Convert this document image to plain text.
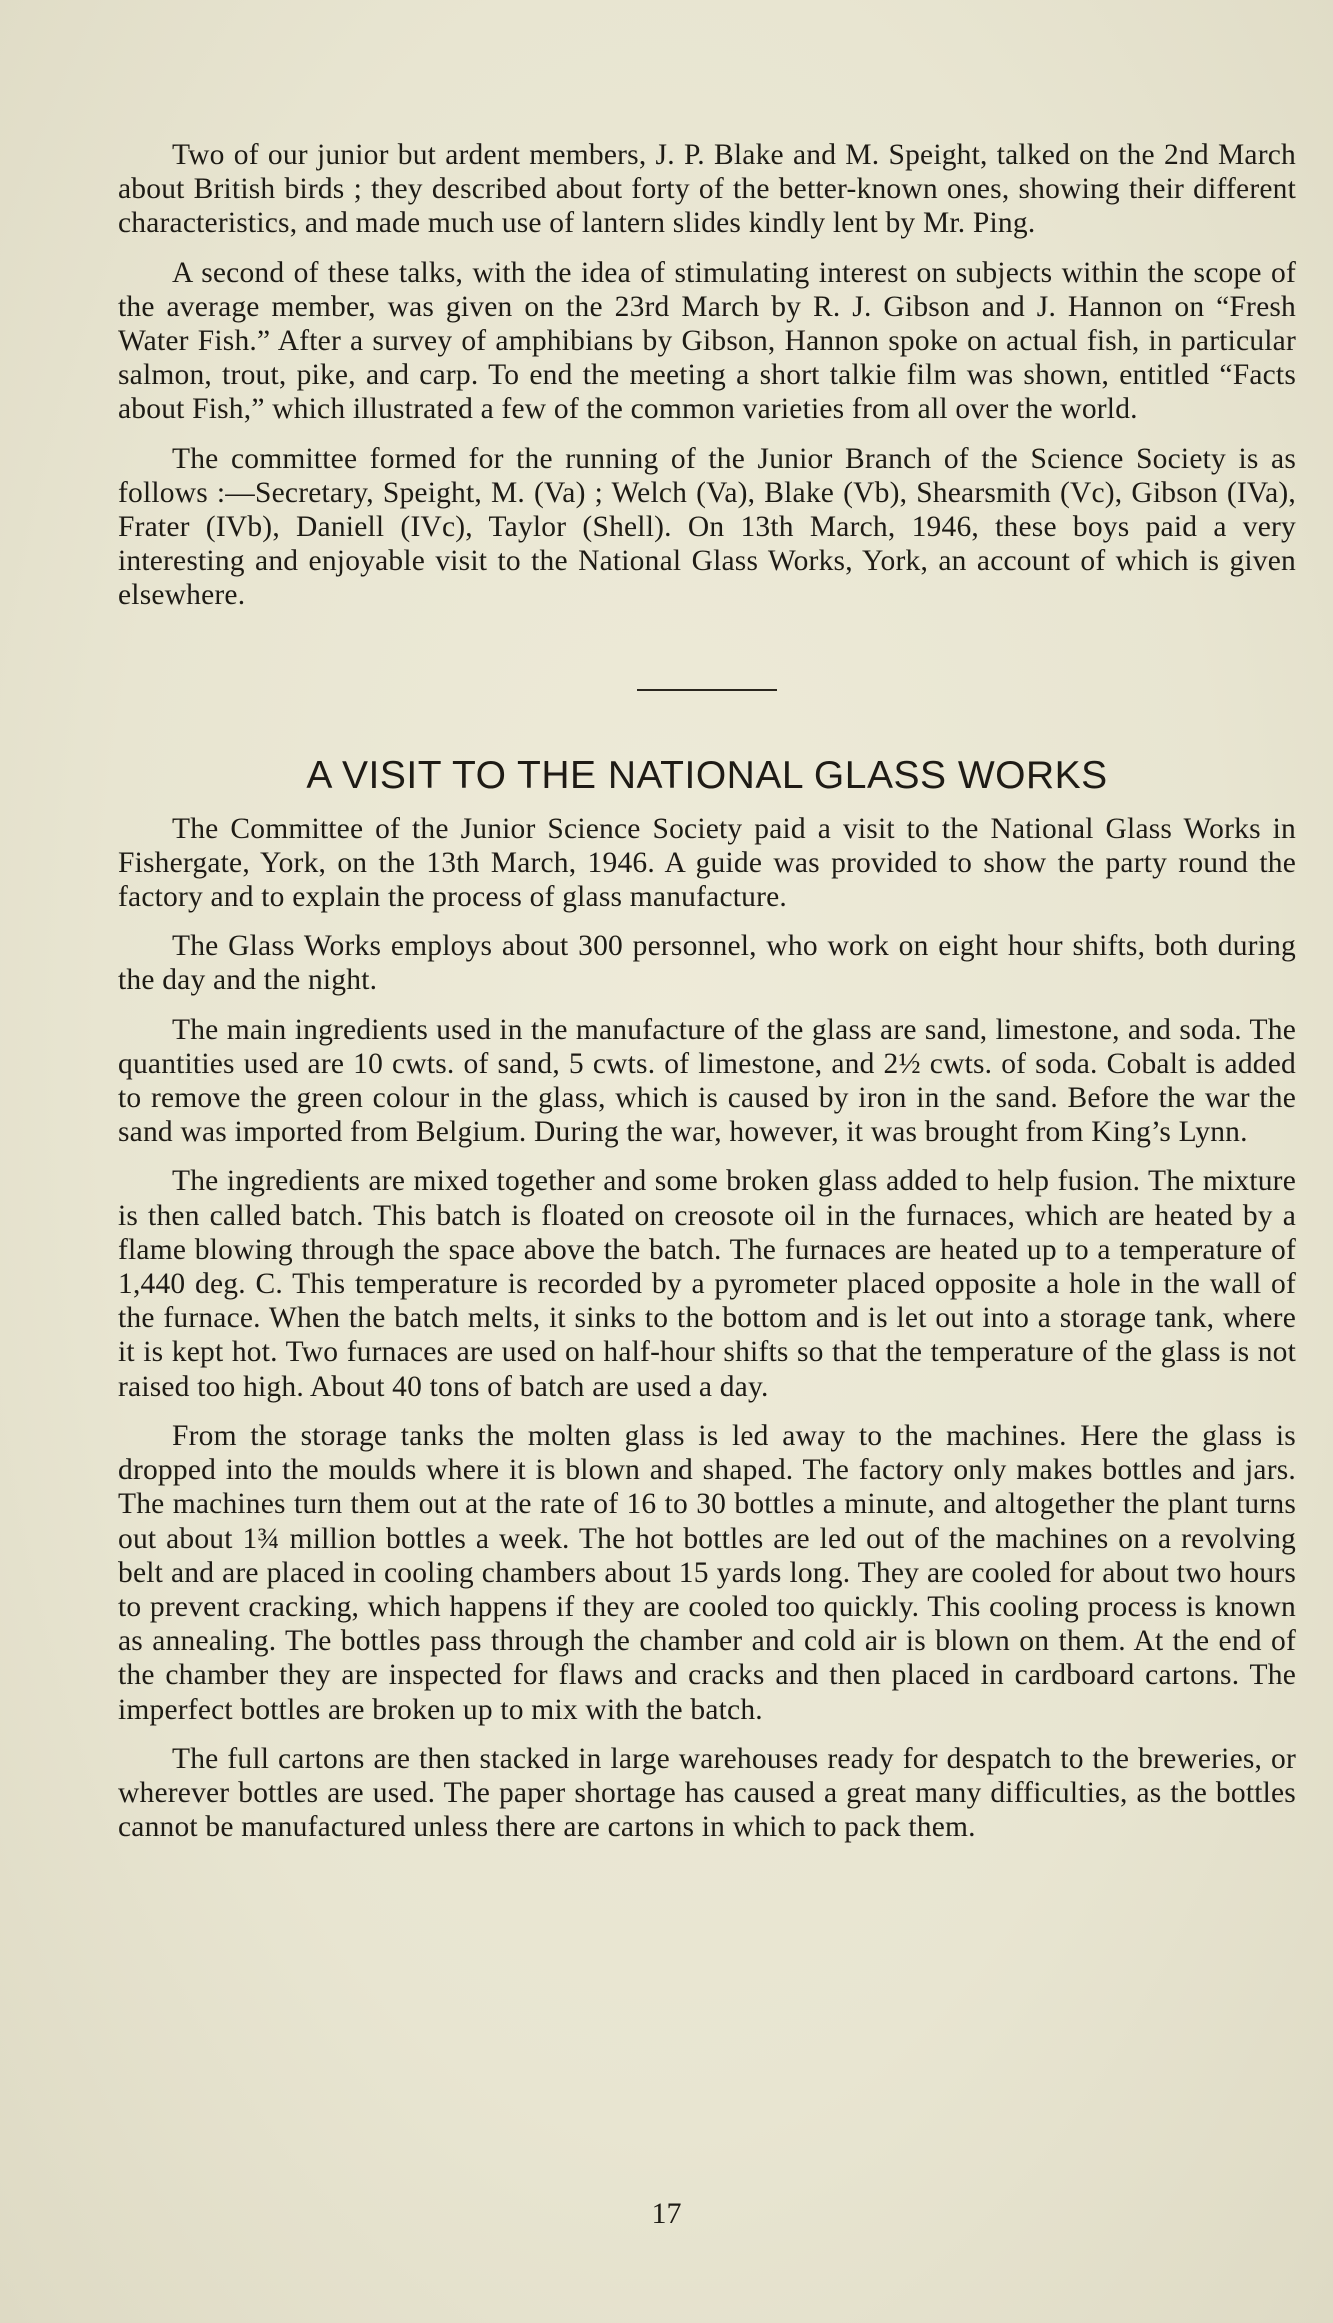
Two of our junior but ardent members, J. P. Blake and M. Speight, talked on the 2nd March about British birds ; they described about forty of the better-known ones, showing their different characteristics, and made much use of lantern slides kindly lent by Mr. Ping.

A second of these talks, with the idea of stimulating interest on subjects within the scope of the average member, was given on the 23rd March by R. J. Gibson and J. Hannon on “Fresh Water Fish.” After a survey of amphibians by Gibson, Hannon spoke on actual fish, in particular salmon, trout, pike, and carp. To end the meeting a short talkie film was shown, entitled “Facts about Fish,” which illustrated a few of the common varieties from all over the world.

The committee formed for the running of the Junior Branch of the Science Society is as follows :—Secretary, Speight, M. (Va) ; Welch (Va), Blake (Vb), Shearsmith (Vc), Gibson (IVa), Frater (IVb), Daniell (IVc), Taylor (Shell). On 13th March, 1946, these boys paid a very interesting and enjoyable visit to the National Glass Works, York, an account of which is given elsewhere.

A VISIT TO THE NATIONAL GLASS WORKS

The Committee of the Junior Science Society paid a visit to the National Glass Works in Fishergate, York, on the 13th March, 1946. A guide was provided to show the party round the factory and to explain the process of glass manufacture.

The Glass Works employs about 300 personnel, who work on eight hour shifts, both during the day and the night.

The main ingredients used in the manufacture of the glass are sand, limestone, and soda. The quantities used are 10 cwts. of sand, 5 cwts. of limestone, and 2½ cwts. of soda. Cobalt is added to remove the green colour in the glass, which is caused by iron in the sand. Before the war the sand was imported from Belgium. During the war, however, it was brought from King’s Lynn.

The ingredients are mixed together and some broken glass added to help fusion. The mixture is then called batch. This batch is floated on creosote oil in the furnaces, which are heated by a flame blowing through the space above the batch. The furnaces are heated up to a temperature of 1,440 deg. C. This temperature is recorded by a pyrometer placed opposite a hole in the wall of the furnace. When the batch melts, it sinks to the bottom and is let out into a storage tank, where it is kept hot. Two furnaces are used on half-hour shifts so that the temperature of the glass is not raised too high. About 40 tons of batch are used a day.

From the storage tanks the molten glass is led away to the machines. Here the glass is dropped into the moulds where it is blown and shaped. The factory only makes bottles and jars. The machines turn them out at the rate of 16 to 30 bottles a minute, and altogether the plant turns out about 1¾ million bottles a week. The hot bottles are led out of the machines on a revolving belt and are placed in cooling chambers about 15 yards long. They are cooled for about two hours to prevent cracking, which happens if they are cooled too quickly. This cooling process is known as annealing. The bottles pass through the chamber and cold air is blown on them. At the end of the chamber they are inspected for flaws and cracks and then placed in cardboard cartons. The imperfect bottles are broken up to mix with the batch.

The full cartons are then stacked in large warehouses ready for despatch to the breweries, or wherever bottles are used. The paper shortage has caused a great many difficulties, as the bottles cannot be manufactured unless there are cartons in which to pack them.

17
